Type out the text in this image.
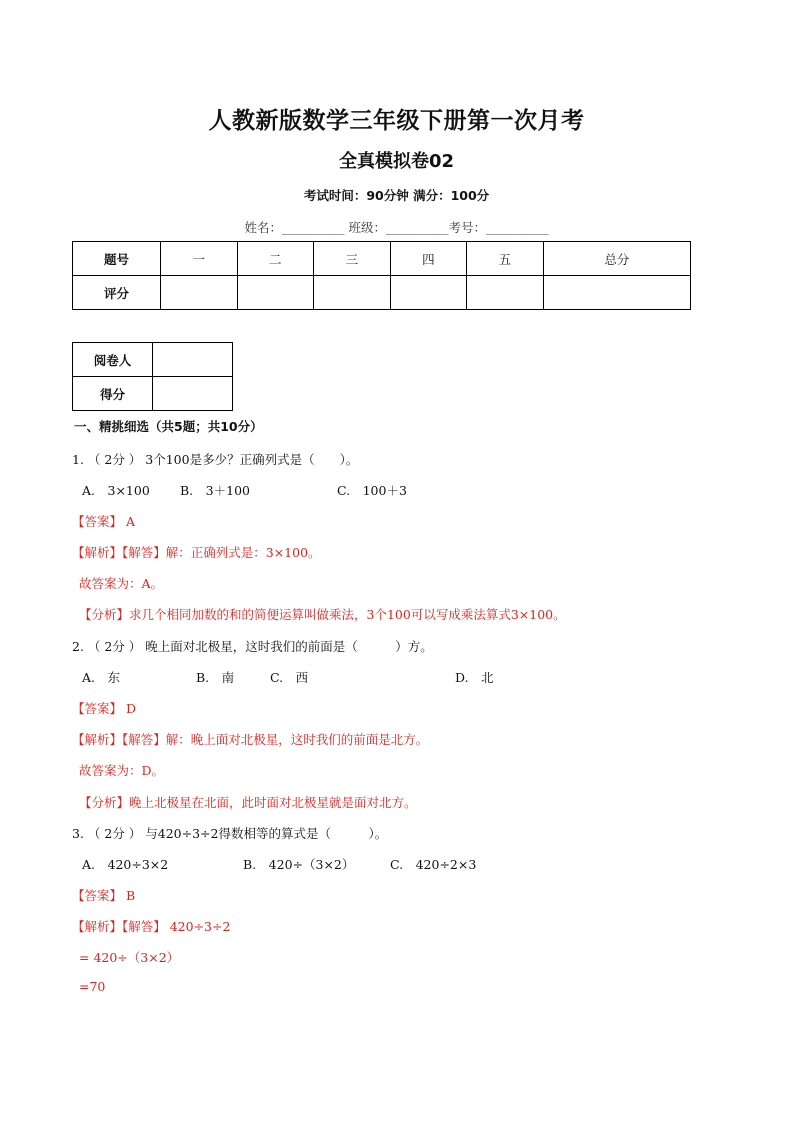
人教新版数学三年级下册第一次月考
全真模拟卷02
考试时间：90分钟 满分：100分
姓名：__________ 班级：__________考号：__________
题号	一	二	三	四	五	总分
评分						
阅卷人	
得分	
一、精挑细选（共5题；共10分）
1. （ 2分 ） 3个100是多少？正确列式是（　　）。
A.　3×100 B.　3＋100	C.　100＋3
【答案】 A
【解析】【解答】解：正确列式是：3×100。
故答案为：A。
【分析】求几个相同加数的和的简便运算叫做乘法，3个100可以写成乘法算式3×100。
2. （ 2分 ） 晚上面对北极星，这时我们的前面是（　　　）方。
A.　东	B.　南	C.　西	D.　北
【答案】 D
【解析】【解答】解：晚上面对北极星，这时我们的前面是北方。
故答案为：D。
【分析】晚上北极星在北面，此时面对北极星就是面对北方。
3. （ 2分 ） 与420÷3÷2得数相等的算式是（　　　）。
A.　420÷3×2	B.　420÷（3×2）	C.　420÷2×3
【答案】 B
【解析】【解答】 420÷3÷2
= 420÷（3×2）
=70
